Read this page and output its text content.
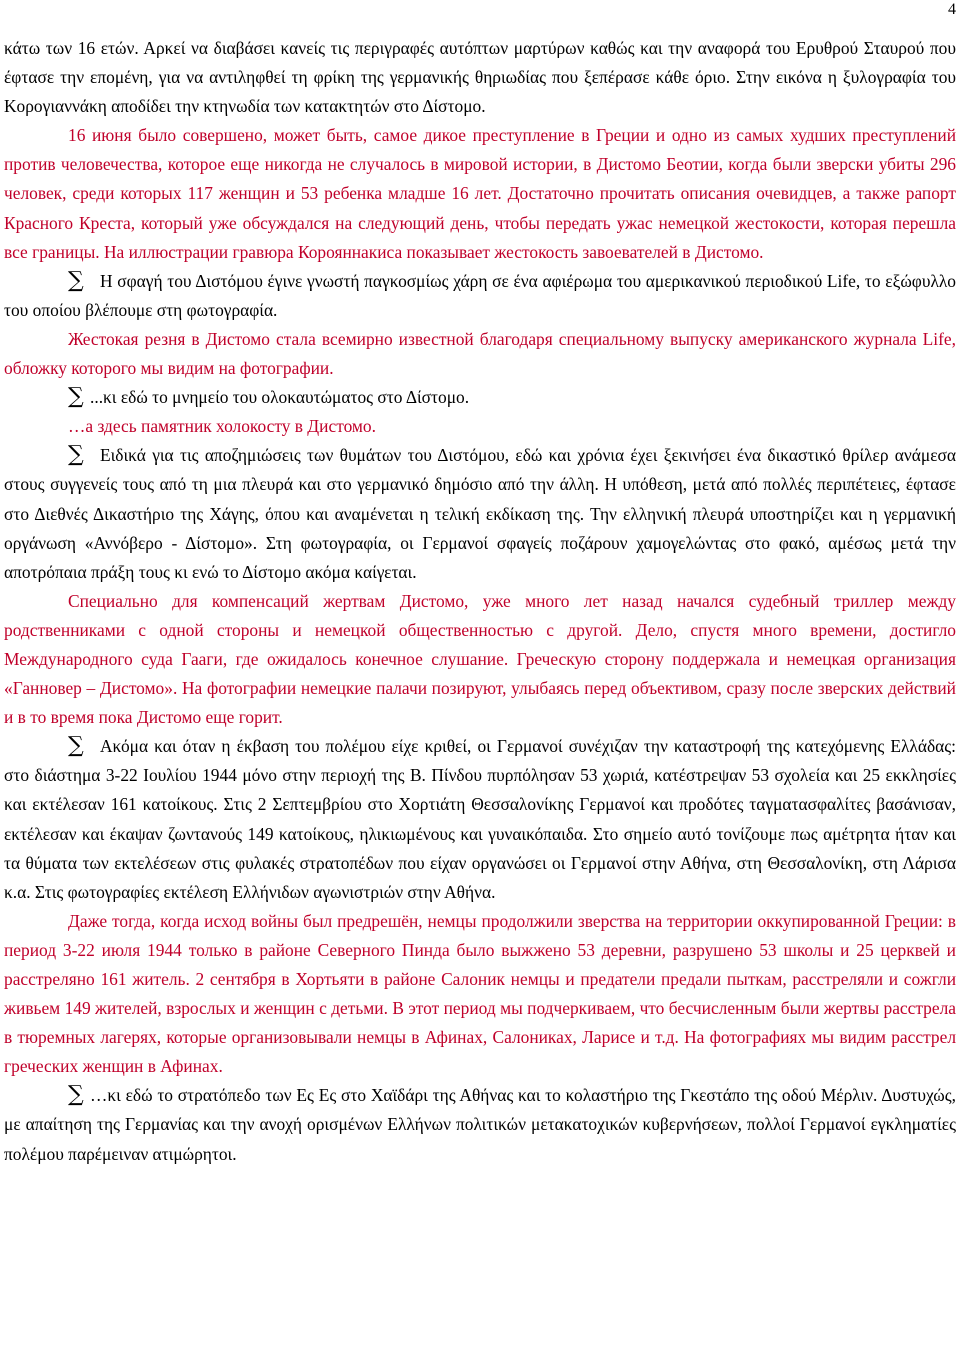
4

κάτω των 16 ετών. Αρκεί να διαβάσει κανείς τις περιγραφές αυτόπτων μαρτύρων καθώς και την αναφορά του Ερυθρού Σταυρού που έφτασε την επομένη, για να αντιληφθεί τη φρίκη της γερμανικής θηριωδίας που ξεπέρασε κάθε όριο. Στην εικόνα η ξυλογραφία του Κορογιαννάκη αποδίδει την κτηνωδία των κατακτητών στο Δίστομο.

16 июня было совершено, может быть, самое дикое преступление в Греции и одно из самых худших преступлений против человечества, которое еще никогда не случалось в мировой истории, в Дистомо Беотии, когда были зверски убиты 296 человек, среди которых 117 женщин и 53 ребенка младше 16 лет. Достаточно прочитать описания очевидцев, а также рапорт Красного Креста, который уже обсуждался на следующий день, чтобы передать ужас немецкой жестокости, которая перешла все границы. На иллюстрации гравюра Корояннакиса показывает жестокость завоевателей в Дистомо.

∑ Η σφαγή του Διστόμου έγινε γνωστή παγκοσμίως χάρη σε ένα αφιέρωμα του αμερικανικού περιοδικού Life, το εξώφυλλο του οποίου βλέπουμε στη φωτογραφία.

Жестокая резня в Дистомо стала всемирно известной благодаря специальному выпуску американского журнала Life, обложку которого мы видим на фотографии.

∑ ...κι εδώ το μνημείο του ολοκαυτώματος στο Δίστομο.

…а здесь памятник холокосту в Дистомо.

∑ Ειδικά για τις αποζημιώσεις των θυμάτων του Διστόμου, εδώ και χρόνια έχει ξεκινήσει ένα δικαστικό θρίλερ ανάμεσα στους συγγενείς τους από τη μια πλευρά και στο γερμανικό δημόσιο από την άλλη. Η υπόθεση, μετά από πολλές περιπέτειες, έφτασε στο Διεθνές Δικαστήριο της Χάγης, όπου και αναμένεται η τελική εκδίκαση της. Την ελληνική πλευρά υποστηρίζει και η γερμανική οργάνωση «Αννόβερο - Δίστομο». Στη φωτογραφία, οι Γερμανοί σφαγείς ποζάρουν χαμογελώντας στο φακό, αμέσως μετά την αποτρόπαια πράξη τους κι ενώ το Δίστομο ακόμα καίγεται.

Специально для компенсаций жертвам Дистомо, уже много лет назад начался судебный триллер между родственниками с одной стороны и немецкой общественностью с другой. Дело, спустя много времени, достигло Международного суда Гааги, где ожидалось конечное слушание. Греческую сторону поддержала и немецкая организация «Ганновер – Дистомо». На фотографии немецкие палачи позируют, улыбаясь перед объективом, сразу после зверских действий и в то время пока Дистомо еще горит.

∑ Ακόμα και όταν η έκβαση του πολέμου είχε κριθεί, οι Γερμανοί συνέχιζαν την καταστροφή της κατεχόμενης Ελλάδας: στο διάστημα 3-22 Ιουλίου 1944 μόνο στην περιοχή της Β. Πίνδου πυρπόλησαν 53 χωριά, κατέστρεψαν 53 σχολεία και 25 εκκλησίες και εκτέλεσαν 161 κατοίκους. Στις 2 Σεπτεμβρίου στο Χορτιάτη Θεσσαλονίκης Γερμανοί και προδότες ταγματασφαλίτες βασάνισαν, εκτέλεσαν και έκαψαν ζωντανούς 149 κατοίκους, ηλικιωμένους και γυναικόπαιδα. Στο σημείο αυτό τονίζουμε πως αμέτρητα ήταν και τα θύματα των εκτελέσεων στις φυλακές στρατοπέδων που είχαν οργανώσει οι Γερμανοί στην Αθήνα, στη Θεσσαλονίκη, στη Λάρισα κ.α. Στις φωτογραφίες εκτέλεση Ελλήνιδων αγωνιστριών στην Αθήνα.

Даже тогда, когда исход войны был предрешён, немцы продолжили зверства на территории оккупированной Греции: в период 3-22 июля 1944 только в районе Северного Пинда было выжжено 53 деревни, разрушено 53 школы и 25 церквей и расстреляно 161 житель. 2 сентября в Хортьяти в районе Салоник немцы и предатели предали пыткам, расстреляли и сожгли живьем 149 жителей, взрослых и женщин с детьми. В этот период мы подчеркиваем, что бесчисленным были жертвы расстрела в тюремных лагерях, которые организовывали немцы в Афинах, Салониках, Ларисе и т.д. На фотографиях мы видим расстрел греческих женщин в Афинах.

∑ …κι εδώ το στρατόπεδο των Ες Ες στο Χαϊδάρι της Αθήνας και το κολαστήριο της Γκεστάπο της οδού Μέρλιν. Δυστυχώς, με απαίτηση της Γερμανίας και την ανοχή ορισμένων Ελλήνων πολιτικών μετακατοχικών κυβερνήσεων, πολλοί Γερμανοί εγκληματίες πολέμου παρέμειναν ατιμώρητοι.
